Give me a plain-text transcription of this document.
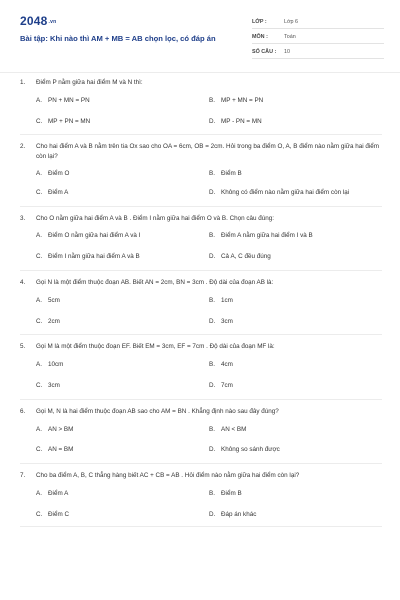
2048.vn
Bài tập: Khi nào thì AM + MB = AB chọn lọc, có đáp án
LỚP :	Lớp 6
MÔN :	Toán
SỐ CÂU :	10
1.	Điểm P nằm giữa hai điểm M và N thì:
A. PN + MN = PN	B. MP + MN = PN
C. MP + PN = MN	D. MP - PN = MN
2.	Cho hai điểm A và B nằm trên tia Ox sao cho OA = 6cm, OB = 2cm. Hỏi trong ba điểm O, A, B điểm nào nằm giữa hai điểm còn lại?
A. Điểm O	B. Điểm B
C. Điểm A	D. Không có điểm nào nằm giữa hai điểm còn lại
3.	Cho O nằm giữa hai điểm A và B . Điểm I nằm giữa hai điểm O và B. Chọn câu đúng:
A. Điểm O nằm giữa hai điểm A và I	B. Điểm A nằm giữa hai điểm I và B
C. Điểm I nằm giữa hai điểm A và B	D. Cả A, C đều đúng
4.	Gọi N là một điểm thuộc đoạn AB. Biết AN = 2cm, BN = 3cm . Độ dài của đoạn AB là:
A. 5cm	B. 1cm
C. 2cm	D. 3cm
5.	Gọi M là một điểm thuộc đoạn EF. Biết EM = 3cm, EF = 7cm . Độ dài của đoạn MF là:
A. 10cm	B. 4cm
C. 3cm	D. 7cm
6.	Gọi M, N là hai điểm thuộc đoạn AB sao cho AM = BN . Khẳng định nào sau đây đúng?
A. AN > BM	B. AN < BM
C. AN = BM	D. Không so sánh được
7.	Cho ba điểm A, B, C thẳng hàng biết AC + CB = AB . Hỏi điểm nào nằm giữa hai điểm còn lại?
A. Điểm A	B. Điểm B
C. Điểm C	D. Đáp án khác
